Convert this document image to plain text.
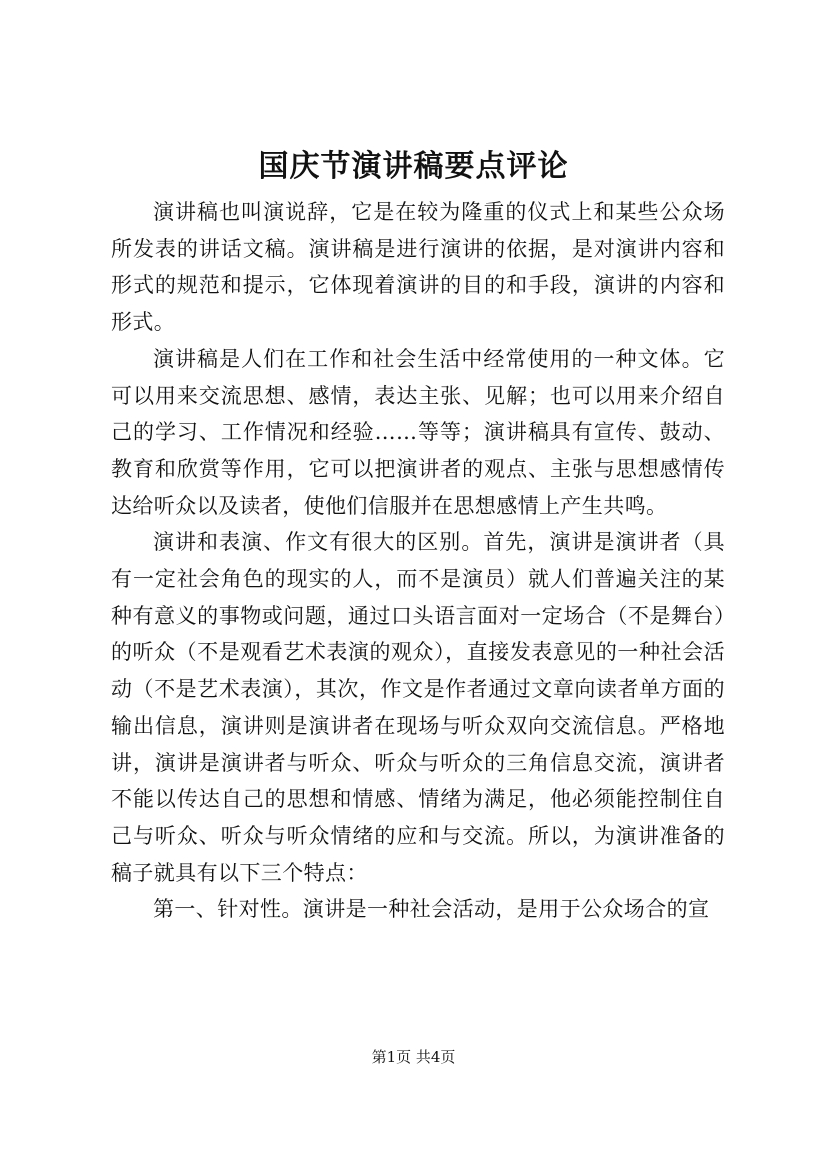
国庆节演讲稿要点评论

演讲稿也叫演说辞，它是在较为隆重的仪式上和某些公众场所发表的讲话文稿。演讲稿是进行演讲的依据，是对演讲内容和形式的规范和提示，它体现着演讲的目的和手段，演讲的内容和形式。

演讲稿是人们在工作和社会生活中经常使用的一种文体。它可以用来交流思想、感情，表达主张、见解；也可以用来介绍自己的学习、工作情况和经验……等等；演讲稿具有宣传、鼓动、教育和欣赏等作用，它可以把演讲者的观点、主张与思想感情传达给听众以及读者，使他们信服并在思想感情上产生共鸣。

演讲和表演、作文有很大的区别。首先，演讲是演讲者（具有一定社会角色的现实的人，而不是演员）就人们普遍关注的某种有意义的事物或问题，通过口头语言面对一定场合（不是舞台）的听众（不是观看艺术表演的观众），直接发表意见的一种社会活动（不是艺术表演），其次，作文是作者通过文章向读者单方面的输出信息，演讲则是演讲者在现场与听众双向交流信息。严格地讲，演讲是演讲者与听众、听众与听众的三角信息交流，演讲者不能以传达自己的思想和情感、情绪为满足，他必须能控制住自己与听众、听众与听众情绪的应和与交流。所以，为演讲准备的稿子就具有以下三个特点：

第一、针对性。演讲是一种社会活动，是用于公众场合的宣

第1页 共4页
